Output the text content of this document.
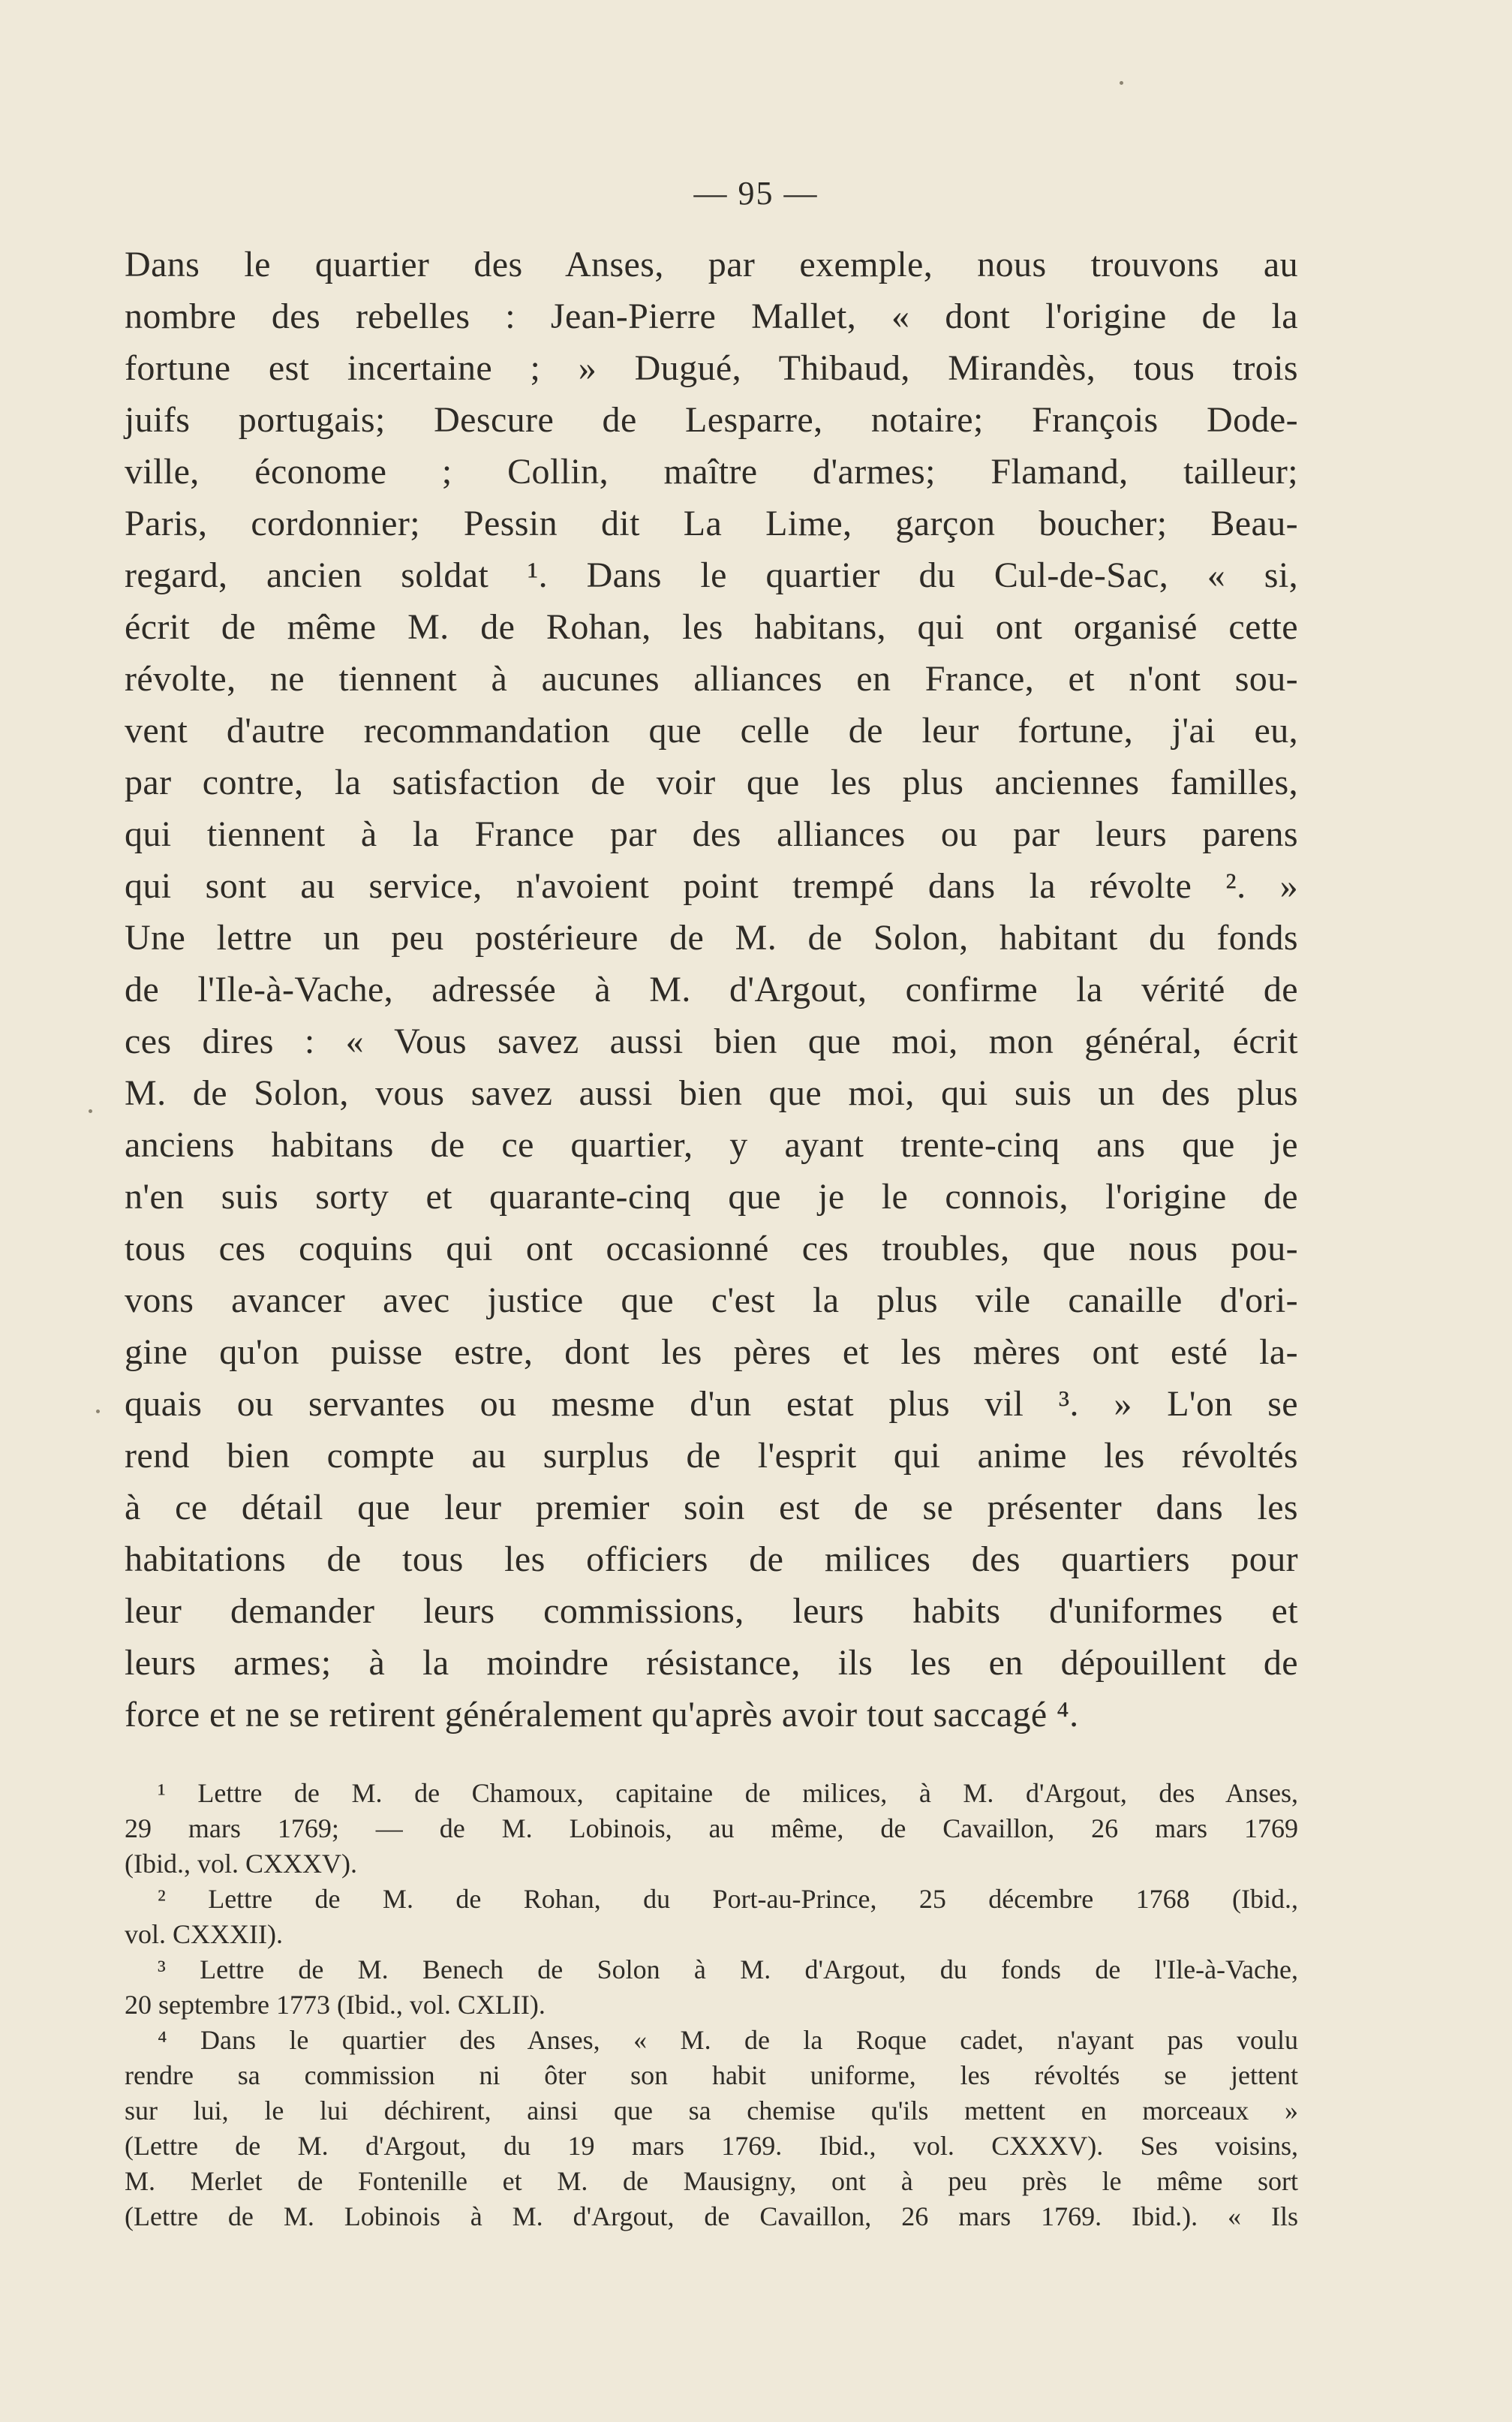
— 95 —
Dans le quartier des Anses, par exemple, nous trouvons au
nombre des rebelles : Jean-Pierre Mallet, « dont l'origine de la
fortune est incertaine ; » Dugué, Thibaud, Mirandès, tous trois
juifs portugais; Descure de Lesparre, notaire; François Dode-
ville, économe ; Collin, maître d'armes; Flamand, tailleur;
Paris, cordonnier; Pessin dit La Lime, garçon boucher; Beau-
regard, ancien soldat ¹. Dans le quartier du Cul-de-Sac, « si,
écrit de même M. de Rohan, les habitans, qui ont organisé cette
révolte, ne tiennent à aucunes alliances en France, et n'ont sou-
vent d'autre recommandation que celle de leur fortune, j'ai eu,
par contre, la satisfaction de voir que les plus anciennes familles,
qui tiennent à la France par des alliances ou par leurs parens
qui sont au service, n'avoient point trempé dans la révolte ². »
Une lettre un peu postérieure de M. de Solon, habitant du fonds
de l'Ile-à-Vache, adressée à M. d'Argout, confirme la vérité de
ces dires : « Vous savez aussi bien que moi, mon général, écrit
M. de Solon, vous savez aussi bien que moi, qui suis un des plus
anciens habitans de ce quartier, y ayant trente-cinq ans que je
n'en suis sorty et quarante-cinq que je le connois, l'origine de
tous ces coquins qui ont occasionné ces troubles, que nous pou-
vons avancer avec justice que c'est la plus vile canaille d'ori-
gine qu'on puisse estre, dont les pères et les mères ont esté la-
quais ou servantes ou mesme d'un estat plus vil ³. » L'on se
rend bien compte au surplus de l'esprit qui anime les révoltés
à ce détail que leur premier soin est de se présenter dans les
habitations de tous les officiers de milices des quartiers pour
leur demander leurs commissions, leurs habits d'uniformes et
leurs armes; à la moindre résistance, ils les en dépouillent de
force et ne se retirent généralement qu'après avoir tout saccagé ⁴.
¹ Lettre de M. de Chamoux, capitaine de milices, à M. d'Argout, des Anses,
29 mars 1769; — de M. Lobinois, au même, de Cavaillon, 26 mars 1769
(Ibid., vol. CXXXV).
² Lettre de M. de Rohan, du Port-au-Prince, 25 décembre 1768 (Ibid.,
vol. CXXXII).
³ Lettre de M. Benech de Solon à M. d'Argout, du fonds de l'Ile-à-Vache,
20 septembre 1773 (Ibid., vol. CXLII).
⁴ Dans le quartier des Anses, « M. de la Roque cadet, n'ayant pas voulu
rendre sa commission ni ôter son habit uniforme, les révoltés se jettent
sur lui, le lui déchirent, ainsi que sa chemise qu'ils mettent en morceaux »
(Lettre de M. d'Argout, du 19 mars 1769. Ibid., vol. CXXXV). Ses voisins,
M. Merlet de Fontenille et M. de Mausigny, ont à peu près le même sort
(Lettre de M. Lobinois à M. d'Argout, de Cavaillon, 26 mars 1769. Ibid.). « Ils
